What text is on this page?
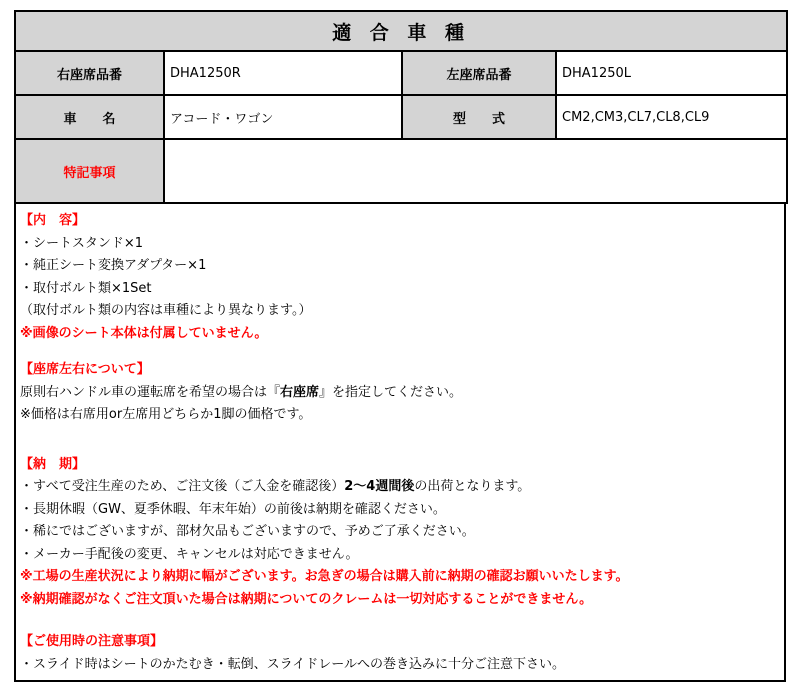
適 合 車 種			
右座席品番	DHA1250R	左座席品番	DHA1250L
車　　名	アコード・ワゴン	型　　式	CM2,CM3,CL7,CL8,CL9
特記事項			
【内　容】
・シートスタンド×1
・純正シート変換アダプター×1
・取付ボルト類×1Set
（取付ボルト類の内容は車種により異なります。）
※画像のシート本体は付属していません。
【座席左右について】
原則右ハンドル車の運転席を希望の場合は『右座席』を指定してください。
※価格は右席用or左席用どちらか1脚の価格です。
【納　期】
・すべて受注生産のため、ご注文後（ご入金を確認後）2～4週間後の出荷となります。
・長期休暇（GW、夏季休暇、年末年始）の前後は納期を確認ください。
・稀にではございますが、部材欠品もございますので、予めご了承ください。
・メーカー手配後の変更、キャンセルは対応できません。
※工場の生産状況により納期に幅がございます。お急ぎの場合は購入前に納期の確認お願いいたします。
※納期確認がなくご注文頂いた場合は納期についてのクレームは一切対応することができません。
【ご使用時の注意事項】
・スライド時はシートのかたむき・転倒、スライドレールへの巻き込みに十分ご注意下さい。
